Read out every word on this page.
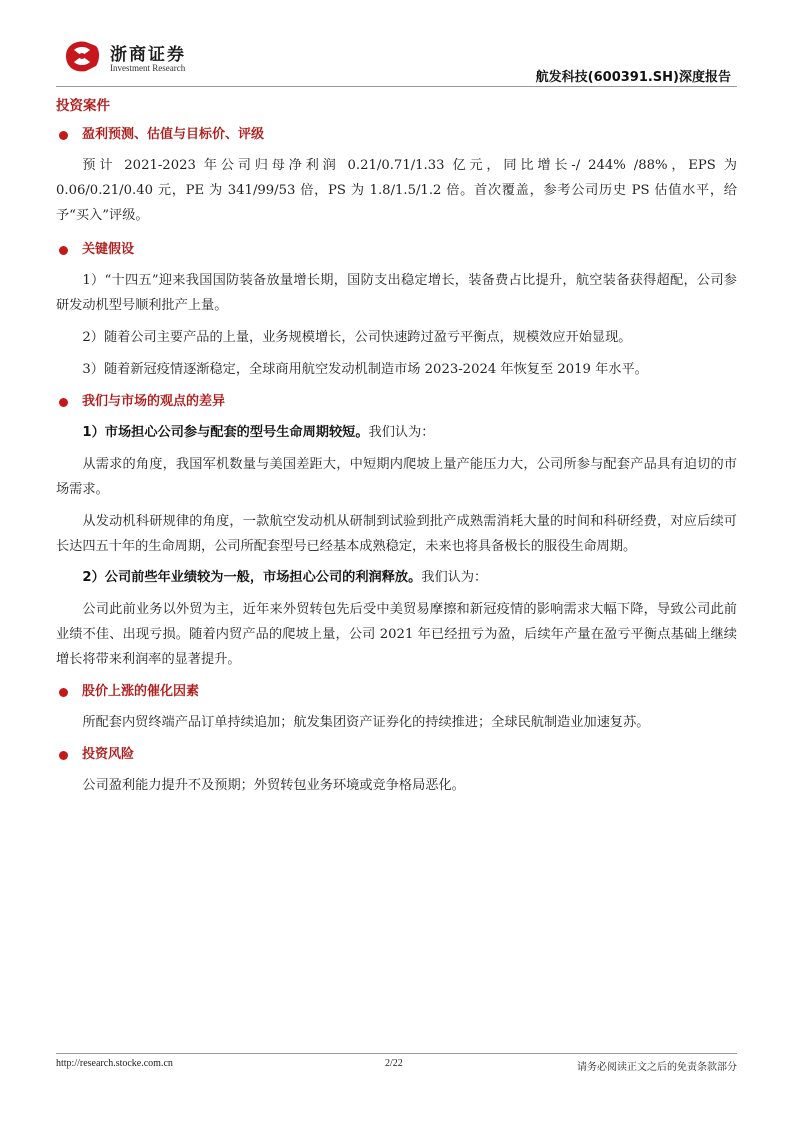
浙商证券
Investment Research
航发科技(600391.SH)深度报告
投资案件
盈利预测、估值与目标价、评级

预计 2021-2023 年公司归母净利润 0.21/0.71/1.33 亿元，同比增长-/ 244% /88%，EPS 为 0.06/0.21/0.40 元，PE 为 341/99/53 倍，PS 为 1.8/1.5/1.2 倍。首次覆盖，参考公司历史 PS 估值水平，给予“买入”评级。

关键假设

1）“十四五”迎来我国国防装备放量增长期，国防支出稳定增长，装备费占比提升，航空装备获得超配，公司参研发动机型号顺利批产上量。

2）随着公司主要产品的上量，业务规模增长，公司快速跨过盈亏平衡点，规模效应开始显现。

3）随着新冠疫情逐渐稳定，全球商用航空发动机制造市场 2023-2024 年恢复至 2019 年水平。

我们与市场的观点的差异

1）市场担心公司参与配套的型号生命周期较短。我们认为：

从需求的角度，我国军机数量与美国差距大，中短期内爬坡上量产能压力大，公司所参与配套产品具有迫切的市场需求。

从发动机科研规律的角度，一款航空发动机从研制到试验到批产成熟需消耗大量的时间和科研经费，对应后续可长达四五十年的生命周期，公司所配套型号已经基本成熟稳定，未来也将具备极长的服役生命周期。

2）公司前些年业绩较为一般，市场担心公司的利润释放。我们认为：

公司此前业务以外贸为主，近年来外贸转包先后受中美贸易摩擦和新冠疫情的影响需求大幅下降，导致公司此前业绩不佳、出现亏损。随着内贸产品的爬坡上量，公司 2021 年已经扭亏为盈，后续年产量在盈亏平衡点基础上继续增长将带来利润率的显著提升。

股价上涨的催化因素

所配套内贸终端产品订单持续追加；航发集团资产证券化的持续推进；全球民航制造业加速复苏。

投资风险

公司盈利能力提升不及预期；外贸转包业务环境或竞争格局恶化。

http://research.stocke.com.cn	2/22	请务必阅读正文之后的免责条款部分
